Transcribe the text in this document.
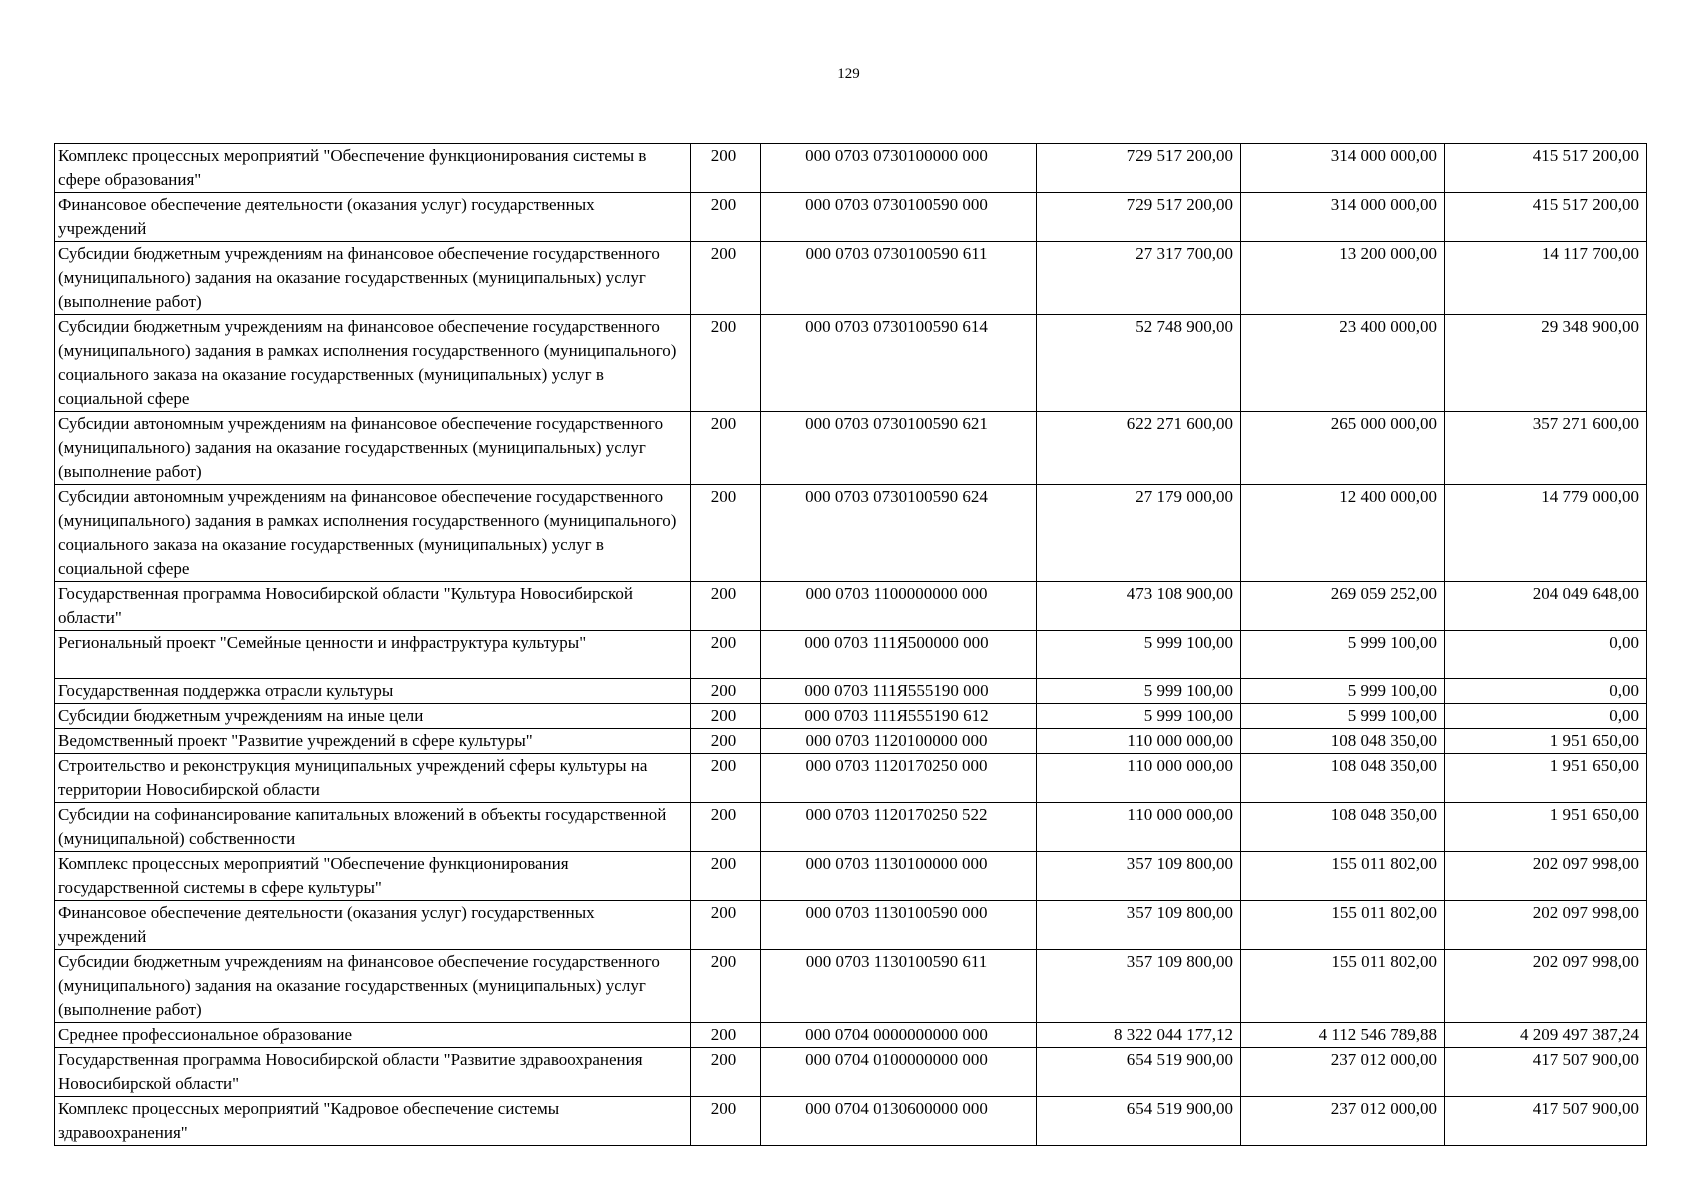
129
Комплекс процессных мероприятий "Обеспечение функционирования системы в сфере образования"	200	000 0703 0730100000 000	729 517 200,00	314 000 000,00	415 517 200,00
Финансовое обеспечение деятельности (оказания услуг) государственных учреждений	200	000 0703 0730100590 000	729 517 200,00	314 000 000,00	415 517 200,00
Субсидии бюджетным учреждениям на финансовое обеспечение государственного (муниципального) задания на оказание государственных (муниципальных) услуг (выполнение работ)	200	000 0703 0730100590 611	27 317 700,00	13 200 000,00	14 117 700,00
Субсидии бюджетным учреждениям на финансовое обеспечение государственного (муниципального) задания в рамках исполнения государственного (муниципального) социального заказа на оказание государственных (муниципальных) услуг в социальной сфере	200	000 0703 0730100590 614	52 748 900,00	23 400 000,00	29 348 900,00
Субсидии автономным учреждениям на финансовое обеспечение государственного (муниципального) задания на оказание государственных (муниципальных) услуг (выполнение работ)	200	000 0703 0730100590 621	622 271 600,00	265 000 000,00	357 271 600,00
Субсидии автономным учреждениям на финансовое обеспечение государственного (муниципального) задания в рамках исполнения государственного (муниципального) социального заказа на оказание государственных (муниципальных) услуг в социальной сфере	200	000 0703 0730100590 624	27 179 000,00	12 400 000,00	14 779 000,00
Государственная программа Новосибирской области "Культура Новосибирской области"	200	000 0703 1100000000 000	473 108 900,00	269 059 252,00	204 049 648,00
Региональный проект "Семейные ценности и инфраструктура культуры"	200	000 0703 111Я500000 000	5 999 100,00	5 999 100,00	0,00
Государственная поддержка отрасли культуры	200	000 0703 111Я555190 000	5 999 100,00	5 999 100,00	0,00
Субсидии бюджетным учреждениям на иные цели	200	000 0703 111Я555190 612	5 999 100,00	5 999 100,00	0,00
Ведомственный проект "Развитие учреждений в сфере культуры"	200	000 0703 1120100000 000	110 000 000,00	108 048 350,00	1 951 650,00
Строительство и реконструкция муниципальных учреждений сферы культуры на территории Новосибирской области	200	000 0703 1120170250 000	110 000 000,00	108 048 350,00	1 951 650,00
Субсидии на софинансирование капитальных вложений в объекты государственной (муниципальной) собственности	200	000 0703 1120170250 522	110 000 000,00	108 048 350,00	1 951 650,00
Комплекс процессных мероприятий "Обеспечение функционирования государственной системы в сфере культуры"	200	000 0703 1130100000 000	357 109 800,00	155 011 802,00	202 097 998,00
Финансовое обеспечение деятельности (оказания услуг) государственных учреждений	200	000 0703 1130100590 000	357 109 800,00	155 011 802,00	202 097 998,00
Субсидии бюджетным учреждениям на финансовое обеспечение государственного (муниципального) задания на оказание государственных (муниципальных) услуг (выполнение работ)	200	000 0703 1130100590 611	357 109 800,00	155 011 802,00	202 097 998,00
Среднее профессиональное образование	200	000 0704 0000000000 000	8 322 044 177,12	4 112 546 789,88	4 209 497 387,24
Государственная программа Новосибирской области "Развитие здравоохранения Новосибирской области"	200	000 0704 0100000000 000	654 519 900,00	237 012 000,00	417 507 900,00
Комплекс процессных мероприятий "Кадровое обеспечение системы здравоохранения"	200	000 0704 0130600000 000	654 519 900,00	237 012 000,00	417 507 900,00
